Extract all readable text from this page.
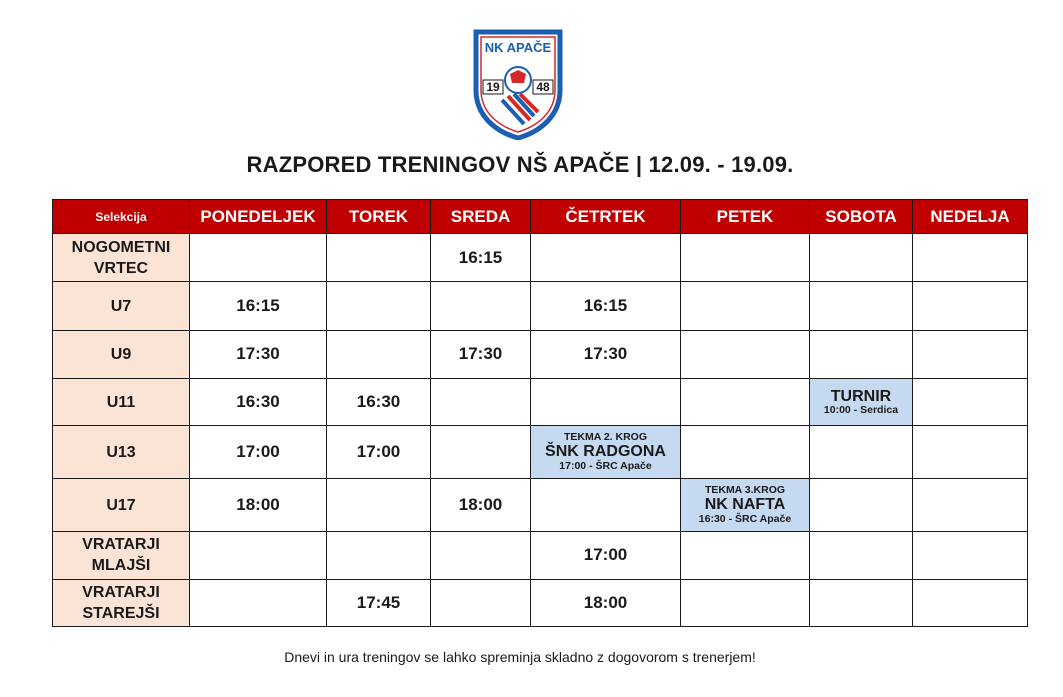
NK APAČE
19	48
RAZPORED TRENINGOV NŠ APAČE | 12.09. - 19.09.
Selekcija	PONEDELJEK	TOREK	SREDA	ČETRTEK	PETEK	SOBOTA	NEDELJA
NOGOMETNI VRTEC			16:15				
U7	16:15			16:15			
U9	17:30		17:30	17:30			
U11	16:30	16:30				TURNIR
10:00 - Serdica	

U13	17:00	17:00		TEKMA 2. KROG
ŠNK RADGONA
17:00 - ŠRC Apače			

U17	18:00		18:00		TEKMA 3.KROG
NK NAFTA
16:30 - ŠRC Apače		

VRATARJI MLAJŠI				17:00			
VRATARJI STAREJŠI		17:45		18:00			
Dnevi in ura treningov se lahko spreminja skladno z dogovorom s trenerjem!
